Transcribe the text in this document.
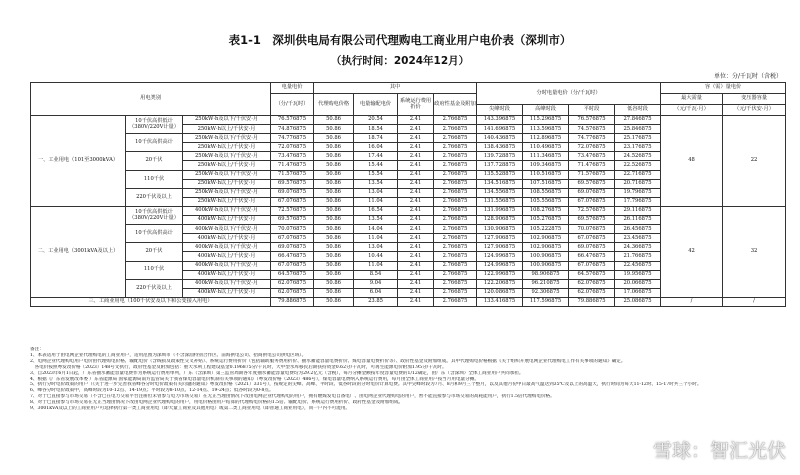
表1-1　深圳供电局有限公司代理购电工商业用户电价表（深圳市）
（执行时间：2024年12月）
单位：分/千瓦时（含税）
用电类别			电量电价	其中				分时电量电价（分/千瓦时）				容（需）量电价	
			（分/千瓦时）	代理购电价格	电量输配电价	系统运行费用折价	政府性基金及附加					最大需量	变压器容量
								尖峰时段	高峰时段	平时段	低谷时段	（元/千瓦·月）	（元/千伏安·月）
一、工业用电（101至3000kVA）	10千伏高供低计（380V/220V计量）	250kW·h及以下/千伏安·月	76.576875	50.86	20.54	2.41	2.766875	143.396875	115.296875	76.576875	27.846875	48	22
		250kW·h以上/千伏安·月	74.876875	50.86	18.54	2.41	2.766875	141.696875	113.596875	74.576875	25.846875		
	10千伏高供高计	250kW·h及以下/千伏安·月	74.776875	50.86	18.74	2.41	2.766875	140.436875	112.896875	74.776875	25.176875		
		250kW·h以上/千伏安·月	72.076875	50.86	16.04	2.41	2.766875	138.436875	110.496875	72.076875	23.176875		
	20千伏	250kW·h及以下/千伏安·月	73.476875	50.86	17.44	2.41	2.766875	139.728875	111.346875	73.476875	24.526875		
		250kW·h以上/千伏安·月	71.476875	50.86	15.44	2.41	2.766875	137.728875	109.346875	71.476875	22.526875		
	110千伏	250kW·h及以下/千伏安·月	71.576875	50.86	15.54	2.41	2.766875	135.528875	110.516875	71.576875	22.716875		
		250kW·h以上/千伏安·月	69.576875	50.86	13.54	2.41	2.766875	134.516875	107.516875	69.576875	20.716875		
	220千伏及以上	250kW·h及以下/千伏安·月	69.076875	50.86	13.04	2.41	2.766875	134.556875	108.556875	69.076875	19.796875		
		250kW·h以上/千伏安·月	67.076875	50.86	11.04	2.41	2.766875	131.556875	105.556875	67.076875	17.796875		
二、工业用电（3001kVA及以上）	10千伏高供低计（380V/220V计量）	400kW·h及以下/千伏安·月	72.576875	50.86	16.54	2.41	2.766875	131.996875	108.276875	72.576875	29.116875	42	32
		400kW·h以上/千伏安·月	69.576875	50.86	13.54	2.41	2.766875	128.906875	105.276875	69.576875	26.116875		
	10千伏高供高计	400kW·h及以下/千伏安·月	70.076875	50.86	14.04	2.41	2.766875	130.906875	105.222875	70.076875	26.456875		
		400kW·h以上/千伏安·月	67.076875	50.86	11.04	2.41	2.766875	127.906875	102.906875	67.076875	23.456875		
	20千伏	400kW·h及以下/千伏安·月	69.076875	50.86	13.04	2.41	2.766875	127.906875	102.906875	69.076875	24.366875		
		400kW·h以上/千伏安·月	66.476875	50.86	10.44	2.41	2.766875	124.996875	100.906875	66.476875	21.766875		
	110千伏	400kW·h及以下/千伏安·月	67.076875	50.86	11.04	2.41	2.766875	124.996875	100.906875	67.076875	22.456875		
		400kW·h以上/千伏安·月	64.576875	50.86	8.54	2.41	2.766875	122.996875	98.906875	64.576875	19.956875		
	220千伏及以上	400kW·h及以下/千伏安·月	62.076875	50.86	9.04	2.41	2.766875	122.206875	96.210875	62.076875	20.066875		
		400kW·h以上/千伏安·月	62.076875	50.86	6.04	2.41	2.766875	120.086875	92.306875	62.076875	17.066875		
三、工商业用电（100千伏安及以下和公变接入用电）			79.886875	50.86	23.85	2.41	2.766875	133.416875	117.596875	79.886875	25.086875	/	/
备注：
1、本表适用于由电网企业代理购电的工商业用户，适用范围为深圳市（不含深汕特别合作区、前海供电公司、招商供电公司供电区域）。
2、电网企业代理购电用户电价由代理购电价格、输配电价（含线损及政策性交叉补贴）、系统运行费用折价（包括辅助服务费用折价、抽水蓄能容量电费折价、煤电容量电费折价等）、政府性基金及附加组成。其中代理购电价格根据《关于组织开展电网企业代理购电工作有关事项的通知》确定。
　各电价按照粤发改价格（2023）148号文执行，政府性基金及附加包括：重大水利工程建设基金0.196875分/千瓦时，大中型水库移民后期扶持资金0.62分/千瓦时，可再生能源电价附加1.95分/千瓦时。
3、自2023年6月1日起，广东省抽水蓄能容量电费作为系统运行费用单列，广东（含深圳）第三监管周期各年度抽水蓄能容量电费均为29.2亿元（含税），每月分摊金额按年度容量电费的1/12确定，由广东（含深圳）全体工商业用户共同承担。
4、根据《广东省发展改革委 广东省能源局 国家能源局南方监管局关于我省煤电容量电价机制有关事项的通知》（粤发改价格（2023）486号），煤电容量电费纳入系统运行费用，每月由全体工商业用户按当月用电量分摊。
5、执行分时电价政策的用户（《关于进一步完善我省峰谷分时电价政策有关问题的通知》粤发改价格（2021）331号），按规定的尖峰、高峰、平时段、低谷时段的分时电价计算电费。其中尖峰时段为7月、8月和9月三个整月，以及其他月份中日最高气温达到35℃及以上的高温天，执行时间为每天11-12时、15-17时共三个小时。
6、峰谷分时电价政策中，高峰时段为10-12点、14-19点；平时段为8-10点、12-14点、19-24点；低谷时段为0-8点。
7、对于已直接参与市场交易（不含已在电力交易平台注册但未曾参与电力市场交易）在无正当理由情况下改由电网企业代理购电的用户，拥有燃煤发电自备电厂、由电网企业代理购电的用户，暂不能直接参与市场交易的高耗能用户，执行1.5倍代理购电价格。
8、对于已直接参与市场交易在无正当理由情况下改由电网企业代理购电的用户，用电价格由用户结算的代理购电价格的1.5倍、输配电价、系统运行费用折价、政府性基金及附加组成。
9、3001kVA及以上的工商业用户可选择执行第一类工商业用电（即大量工商业及其他用电）或第二类工商业用电（即普通工商业用电），同一户内不可混用。
雪球：智汇光伏
